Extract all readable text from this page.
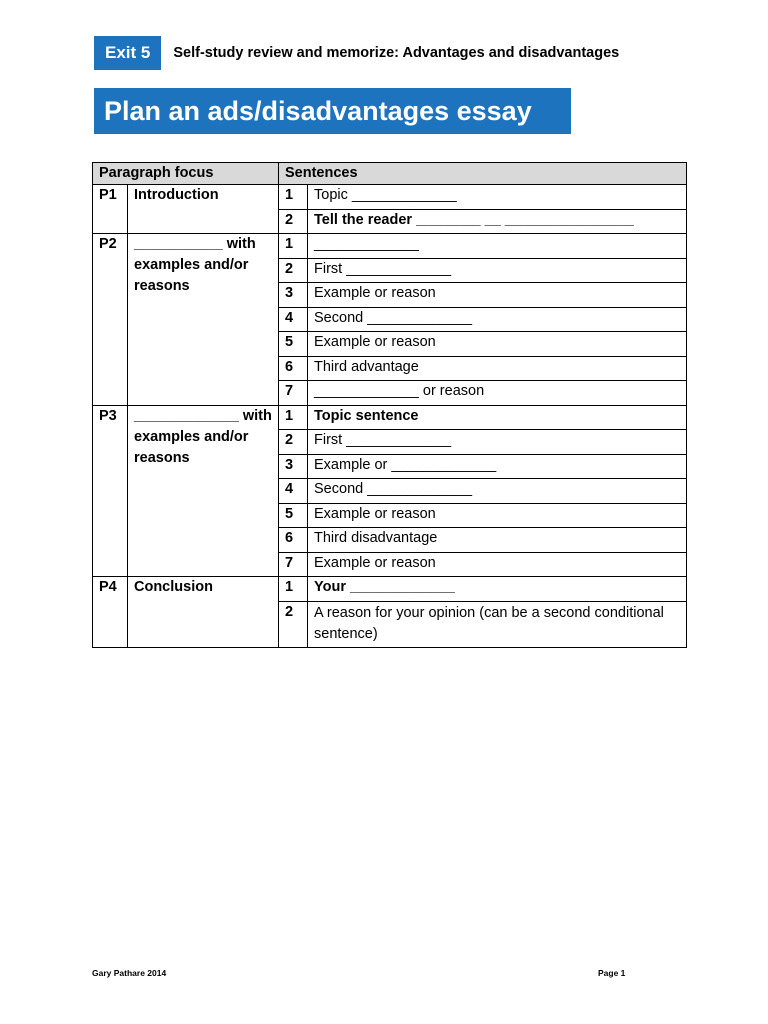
Exit 5	Self-study review and memorize: Advantages and disadvantages
Plan an ads/disadvantages essay
Paragraph focus		Sentences	
P1	Introduction	1	Topic _____________
		2	Tell the reader ________ __ ________________
P2	___________ with examples and/or reasons	1	_____________
		2	First _____________
		3	Example or reason
		4	Second _____________
		5	Example or reason
		6	Third advantage
		7	_____________ or reason
P3	_____________ with examples and/or reasons	1	Topic sentence
		2	First _____________
		3	Example or _____________
		4	Second _____________
		5	Example or reason
		6	Third disadvantage
		7	Example or reason
P4	Conclusion	1	Your _____________
		2	A reason for your opinion (can be a second conditional sentence)
Gary Pathare 2014	Page 1
